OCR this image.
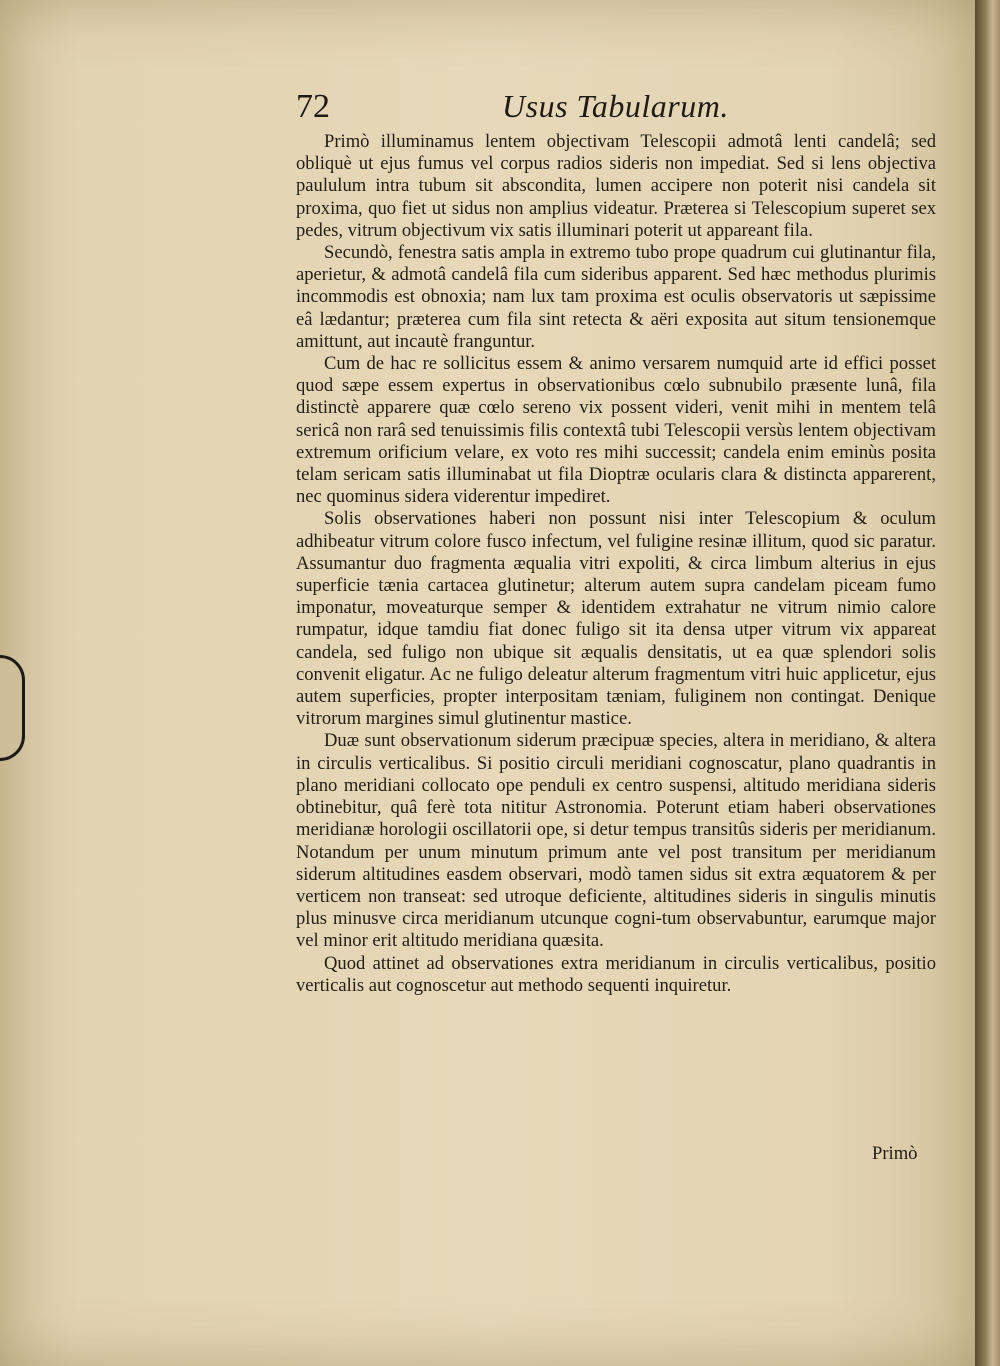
72	Usus Tabularum.

Primò illuminamus lentem objectivam Telescopii admotâ lenti candelâ; sed obliquè ut ejus fumus vel corpus radios sideris non impediat. Sed si lens objectiva paululum intra tubum sit abscondita, lumen accipere non poterit nisi candela sit proxima, quo fiet ut sidus non amplius videatur. Præterea si Telescopium superet sex pedes, vitrum objectivum vix satis illuminari poterit ut appareant fila.

Secundò, fenestra satis ampla in extremo tubo prope quadrum cui glutinantur fila, aperietur, & admotâ candelâ fila cum sideribus apparent. Sed hæc methodus plurimis incommodis est obnoxia; nam lux tam proxima est oculis observatoris ut sæpissime eâ lædantur; præterea cum fila sint retecta & aëri exposita aut situm tensionemque amittunt, aut incautè franguntur.

Cum de hac re sollicitus essem & animo versarem numquid arte id effici posset quod sæpe essem expertus in observationibus cœlo subnubilo præsente lunâ, fila distinctè apparere quæ cœlo sereno vix possent videri, venit mihi in mentem telâ sericâ non rarâ sed tenuissimis filis contextâ tubi Telescopii versùs lentem objectivam extremum orificium velare, ex voto res mihi successit; candela enim eminùs posita telam sericam satis illuminabat ut fila Dioptræ ocularis clara & distincta apparerent, nec quominus sidera viderentur impediret.

Solis observationes haberi non possunt nisi inter Telescopium & oculum adhibeatur vitrum colore fusco infectum, vel fuligine resinæ illitum, quod sic paratur. Assumantur duo fragmenta æqualia vitri expoliti, & circa limbum alterius in ejus superficie tænia cartacea glutinetur; alterum autem supra candelam piceam fumo imponatur, moveaturque semper & identidem extrahatur ne vitrum nimio calore rumpatur, idque tamdiu fiat donec fuligo sit ita densa utper vitrum vix appareat candela, sed fuligo non ubique sit æqualis densitatis, ut ea quæ splendori solis convenit eligatur. Ac ne fuligo deleatur alterum fragmentum vitri huic applicetur, ejus autem superficies, propter interpositam tæniam, fuliginem non contingat. Denique vitrorum margines simul glutinentur mastice.

Duæ sunt observationum siderum præcipuæ species, altera in meridiano, & altera in circulis verticalibus. Si positio circuli meridiani cognoscatur, plano quadrantis in plano meridiani collocato ope penduli ex centro suspensi, altitudo meridiana sideris obtinebitur, quâ ferè tota nititur Astronomia. Poterunt etiam haberi observationes meridianæ horologii oscillatorii ope, si detur tempus transitûs sideris per meridianum. Notandum per unum minutum primum ante vel post transitum per meridianum siderum altitudines easdem observari, modò tamen sidus sit extra æquatorem & per verticem non transeat: sed utroque deficiente, altitudines sideris in singulis minutis plus minusve circa meridianum utcunque cogni-tum observabuntur, earumque major vel minor erit altitudo meridiana quæsita.

Quod attinet ad observationes extra meridianum in circulis verticalibus, positio verticalis aut cognoscetur aut methodo sequenti inquiretur.

Primò
